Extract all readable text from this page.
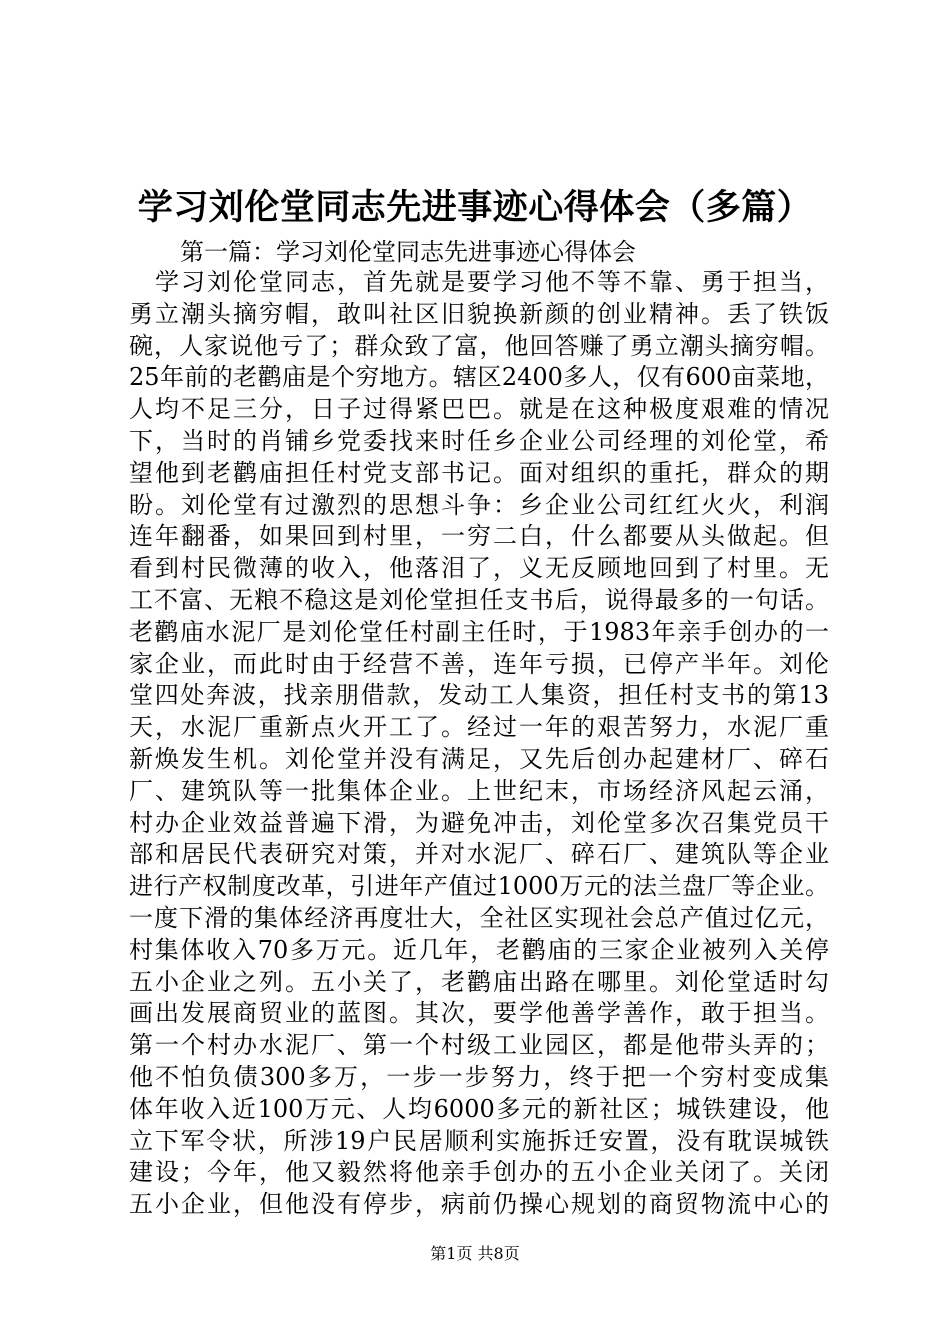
学习刘伦堂同志先进事迹心得体会（多篇）
第一篇：学习刘伦堂同志先进事迹心得体会
　学习刘伦堂同志，首先就是要学习他不等不靠、勇于担当，
勇立潮头摘穷帽，敢叫社区旧貌换新颜的创业精神。丢了铁饭
碗，人家说他亏了；群众致了富，他回答赚了勇立潮头摘穷帽。
25年前的老鹳庙是个穷地方。辖区2400多人，仅有600亩菜地，
人均不足三分，日子过得紧巴巴。就是在这种极度艰难的情况
下，当时的肖铺乡党委找来时任乡企业公司经理的刘伦堂，希
望他到老鹳庙担任村党支部书记。面对组织的重托，群众的期
盼。刘伦堂有过激烈的思想斗争：乡企业公司红红火火，利润
连年翻番，如果回到村里，一穷二白，什么都要从头做起。但
看到村民微薄的收入，他落泪了，义无反顾地回到了村里。无
工不富、无粮不稳这是刘伦堂担任支书后，说得最多的一句话。
老鹳庙水泥厂是刘伦堂任村副主任时，于1983年亲手创办的一
家企业，而此时由于经营不善，连年亏损，已停产半年。刘伦
堂四处奔波，找亲朋借款，发动工人集资，担任村支书的第13
天，水泥厂重新点火开工了。经过一年的艰苦努力，水泥厂重
新焕发生机。刘伦堂并没有满足，又先后创办起建材厂、碎石
厂、建筑队等一批集体企业。上世纪末，市场经济风起云涌，
村办企业效益普遍下滑，为避免冲击，刘伦堂多次召集党员干
部和居民代表研究对策，并对水泥厂、碎石厂、建筑队等企业
进行产权制度改革，引进年产值过1000万元的法兰盘厂等企业。
一度下滑的集体经济再度壮大，全社区实现社会总产值过亿元，
村集体收入70多万元。近几年，老鹳庙的三家企业被列入关停
五小企业之列。五小关了，老鹳庙出路在哪里。刘伦堂适时勾
画出发展商贸业的蓝图。其次，要学他善学善作，敢于担当。
第一个村办水泥厂、第一个村级工业园区，都是他带头弄的；
他不怕负债300多万，一步一步努力，终于把一个穷村变成集
体年收入近100万元、人均6000多元的新社区；城铁建设，他
立下军令状，所涉19户民居顺利实施拆迁安置，没有耽误城铁
建设；今年，他又毅然将他亲手创办的五小企业关闭了。关闭
五小企业，但他没有停步，病前仍操心规划的商贸物流中心的
第1页 共8页
